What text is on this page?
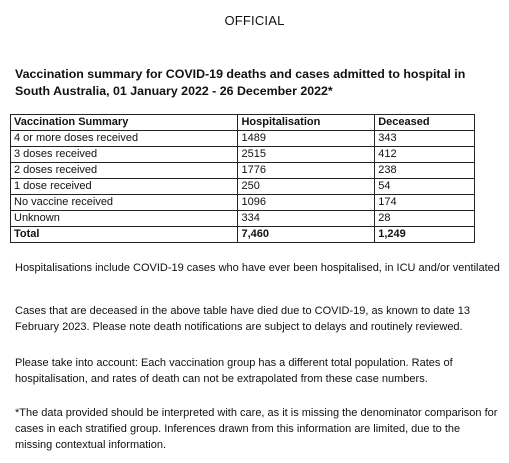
OFFICIAL
Vaccination summary for COVID-19 deaths and cases admitted to hospital in South Australia, 01 January 2022 - 26 December 2022*
Vaccination Summary	Hospitalisation	Deceased
4 or more doses received	1489	343
3 doses received	2515	412
2 doses received	1776	238
1 dose received	250	54
No vaccine received	1096	174
Unknown	334	28
Total	7,460	1,249
Hospitalisations include COVID-19 cases who have ever been hospitalised, in ICU and/or ventilated
Cases that are deceased in the above table have died due to COVID-19, as known to date 13 February 2023. Please note death notifications are subject to delays and routinely reviewed.
Please take into account: Each vaccination group has a different total population. Rates of hospitalisation, and rates of death can not be extrapolated from these case numbers.
*The data provided should be interpreted with care, as it is missing the denominator comparison for cases in each stratified group. Inferences drawn from this information are limited, due to the missing contextual information.
